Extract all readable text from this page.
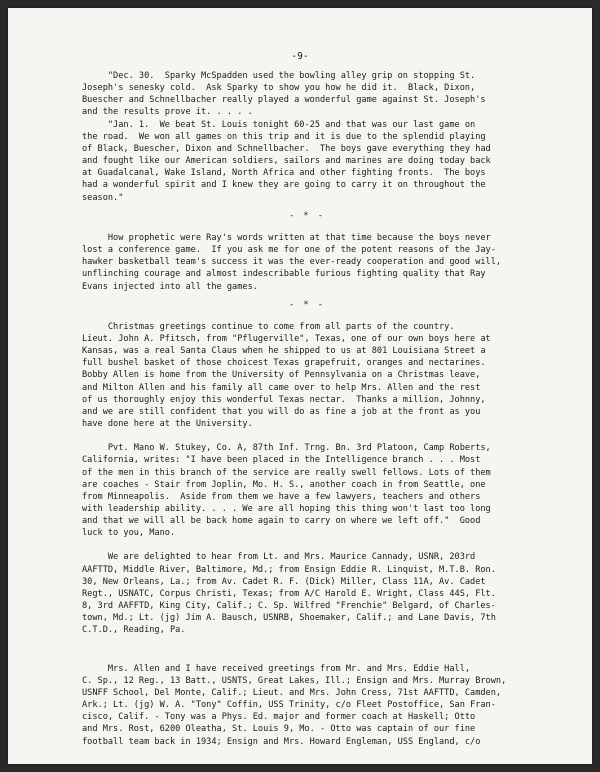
-9-
"Dec. 30.  Sparky McSpadden used the bowling alley grip on stopping St.
Joseph's senesky cold.  Ask Sparky to show you how he did it.  Black, Dixon,
Buescher and Schnellbacher really played a wonderful game against St. Joseph's
and the results prove it. . . . .
"Jan. 1.  We beat St. Louis tonight 60-25 and that was our last game on
the road.  We won all games on this trip and it is due to the splendid playing
of Black, Buescher, Dixon and Schnellbacher.  The boys gave everything they had
and fought like our American soldiers, sailors and marines are doing today back
at Guadalcanal, Wake Island, North Africa and other fighting fronts.  The boys
had a wonderful spirit and I knew they are going to carry it on throughout the
season."
- * -
How prophetic were Ray's words written at that time because the boys never
lost a conference game.  If you ask me for one of the potent reasons of the Jay-
hawker basketball team's success it was the ever-ready cooperation and good will,
unflinching courage and almost indescribable furious fighting quality that Ray
Evans injected into all the games.
- * -
Christmas greetings continue to come from all parts of the country.
Lieut. John A. Pfitsch, from "Pflugerville", Texas, one of our own boys here at
Kansas, was a real Santa Claus when he shipped to us at 801 Louisiana Street a
full bushel basket of those choicest Texas grapefruit, oranges and nectarines.
Bobby Allen is home from the University of Pennsylvania on a Christmas leave,
and Milton Allen and his family all came over to help Mrs. Allen and the rest
of us thoroughly enjoy this wonderful Texas nectar.  Thanks a million, Johnny,
and we are still confident that you will do as fine a job at the front as you
have done here at the University.
Pvt. Mano W. Stukey, Co. A, 87th Inf. Trng. Bn. 3rd Platoon, Camp Roberts,
California, writes: "I have been placed in the Intelligence branch . . . Most
of the men in this branch of the service are really swell fellows. Lots of them
are coaches - Stair from Joplin, Mo. H. S., another coach in from Seattle, one
from Minneapolis.  Aside from them we have a few lawyers, teachers and others
with leadership ability. . . . We are all hoping this thing won't last too long
and that we will all be back home again to carry on where we left off."  Good
luck to you, Mano.
We are delighted to hear from Lt. and Mrs. Maurice Cannady, USNR, 203rd
AAFTTD, Middle River, Baltimore, Md.; from Ensign Eddie R. Linquist, M.T.B. Ron.
30, New Orleans, La.; from Av. Cadet R. F. (Dick) Miller, Class 11A, Av. Cadet
Regt., USNATC, Corpus Christi, Texas; from A/C Harold E. Wright, Class 44S, Flt.
8, 3rd AAFFTD, King City, Calif.; C. Sp. Wilfred "Frenchie" Belgard, of Charles-
town, Md.; Lt. (jg) Jim A. Bausch, USNRB, Shoemaker, Calif.; and Lane Davis, 7th
C.T.D., Reading, Pa.
Mrs. Allen and I have received greetings from Mr. and Mrs. Eddie Hall,
C. Sp., 12 Reg., 13 Batt., USNTS, Great Lakes, Ill.; Ensign and Mrs. Murray Brown,
USNFF School, Del Monte, Calif.; Lieut. and Mrs. John Cress, 71st AAFTTD, Camden,
Ark.; Lt. (jg) W. A. "Tony" Coffin, USS Trinity, c/o Fleet Postoffice, San Fran-
cisco, Calif. - Tony was a Phys. Ed. major and former coach at Haskell; Otto
and Mrs. Rost, 6200 Oleatha, St. Louis 9, Mo. - Otto was captain of our fine
football team back in 1934; Ensign and Mrs. Howard Engleman, USS England, c/o
